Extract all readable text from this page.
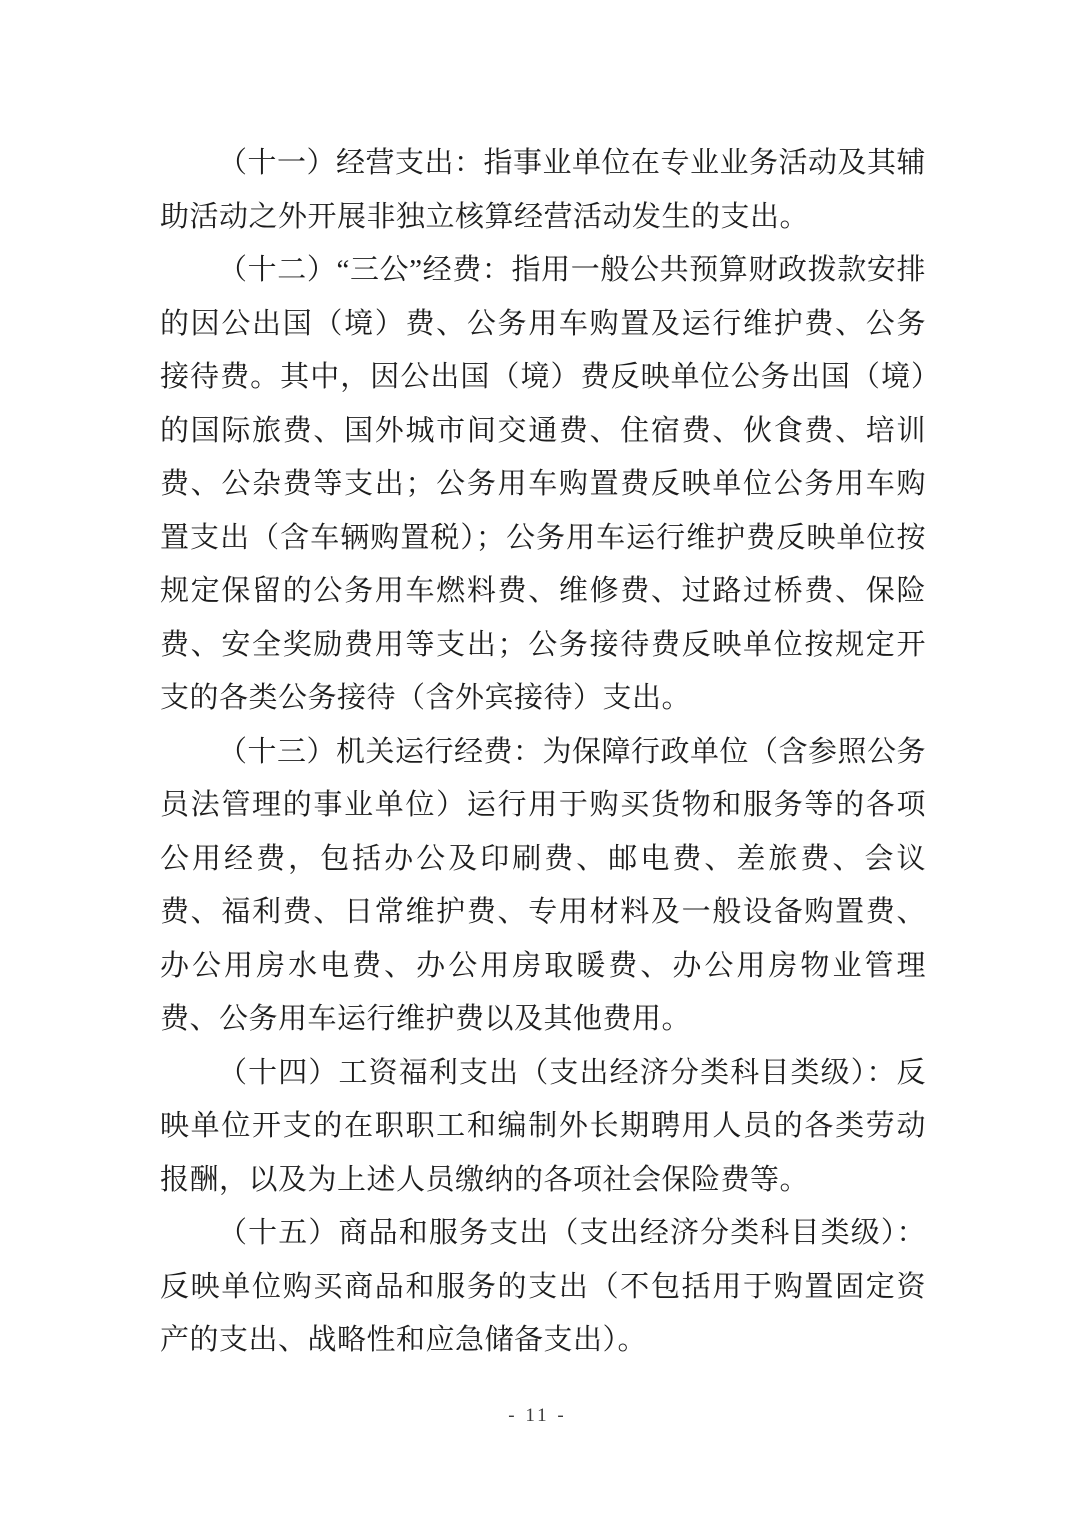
（十一）经营支出：指事业单位在专业业务活动及其辅助活动之外开展非独立核算经营活动发生的支出。

（十二）“三公”经费：指用一般公共预算财政拨款安排的因公出国（境）费、公务用车购置及运行维护费、公务接待费。其中，因公出国（境）费反映单位公务出国（境）的国际旅费、国外城市间交通费、住宿费、伙食费、培训费、公杂费等支出；公务用车购置费反映单位公务用车购置支出（含车辆购置税）；公务用车运行维护费反映单位按规定保留的公务用车燃料费、维修费、过路过桥费、保险费、安全奖励费用等支出；公务接待费反映单位按规定开支的各类公务接待（含外宾接待）支出。

（十三）机关运行经费：为保障行政单位（含参照公务员法管理的事业单位）运行用于购买货物和服务等的各项公用经费，包括办公及印刷费、邮电费、差旅费、会议费、福利费、日常维护费、专用材料及一般设备购置费、办公用房水电费、办公用房取暖费、办公用房物业管理费、公务用车运行维护费以及其他费用。

（十四）工资福利支出（支出经济分类科目类级）：反映单位开支的在职职工和编制外长期聘用人员的各类劳动报酬，以及为上述人员缴纳的各项社会保险费等。

（十五）商品和服务支出（支出经济分类科目类级）：反映单位购买商品和服务的支出（不包括用于购置固定资产的支出、战略性和应急储备支出）。

- 11 -
